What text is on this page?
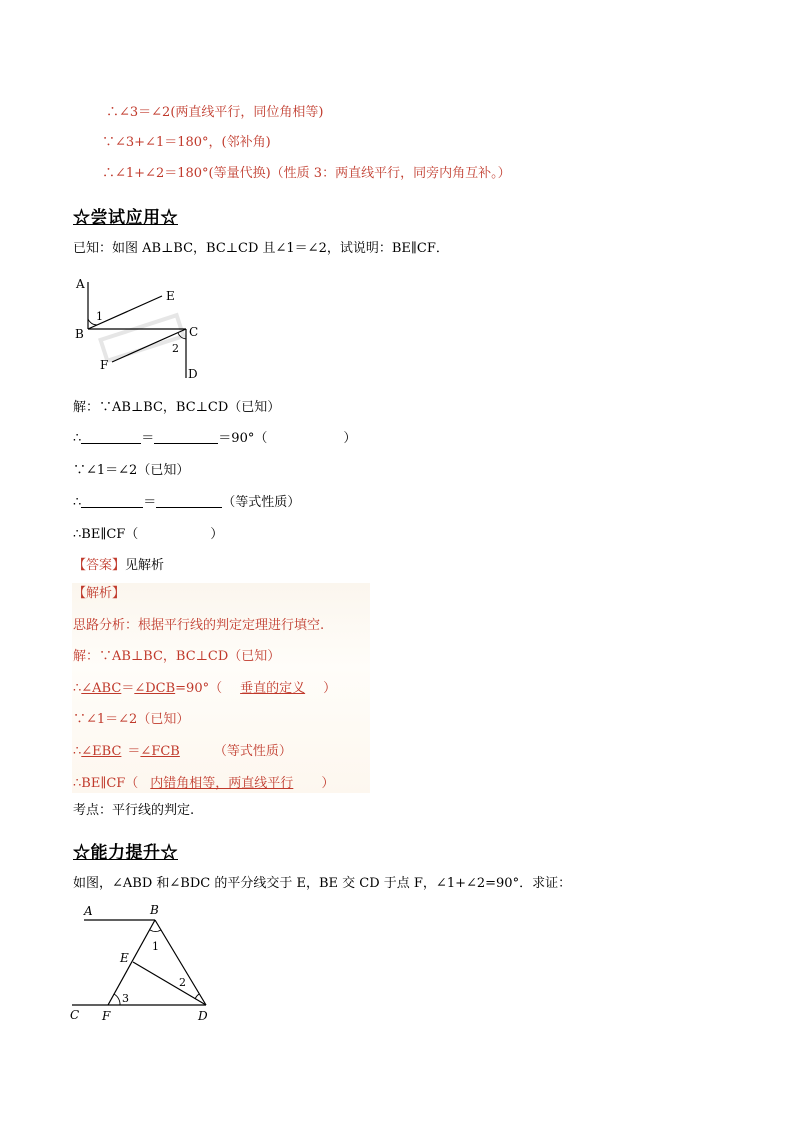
∴∠3＝∠2(两直线平行，同位角相等)
∵∠3+∠1＝180°，(邻补角)
∴∠1+∠2＝180°(等量代换)（性质 3：两直线平行，同旁内角互补。）
☆尝试应用☆
已知：如图 AB⊥BC，BC⊥CD 且∠1＝∠2，试说明：BE∥CF．
A
B	C
D
E
F
1
2
解：∵AB⊥BC，BC⊥CD（已知）
∴	＝	＝90°（	）
∵∠1＝∠2（已知）
∴	＝	（等式性质）
∴BE∥CF（	）
【答案】见解析
【解析】
思路分析：根据平行线的判定定理进行填空.
解：∵AB⊥BC，BC⊥CD（已知）
∴∠ABC＝∠DCB=90°（ 垂直的定义 ）
∵∠1＝∠2（已知）
∴∠EBC ＝∠FCB	（等式性质）
∴BE∥CF（ 内错角相等，两直线平行 ）
考点：平行线的判定.
☆能力提升☆
如图，∠ABD 和∠BDC 的平分线交于 E，BE 交 CD 于点 F，∠1+∠2=90°．求证：
A	B
C	D
E
F
1
2
3
